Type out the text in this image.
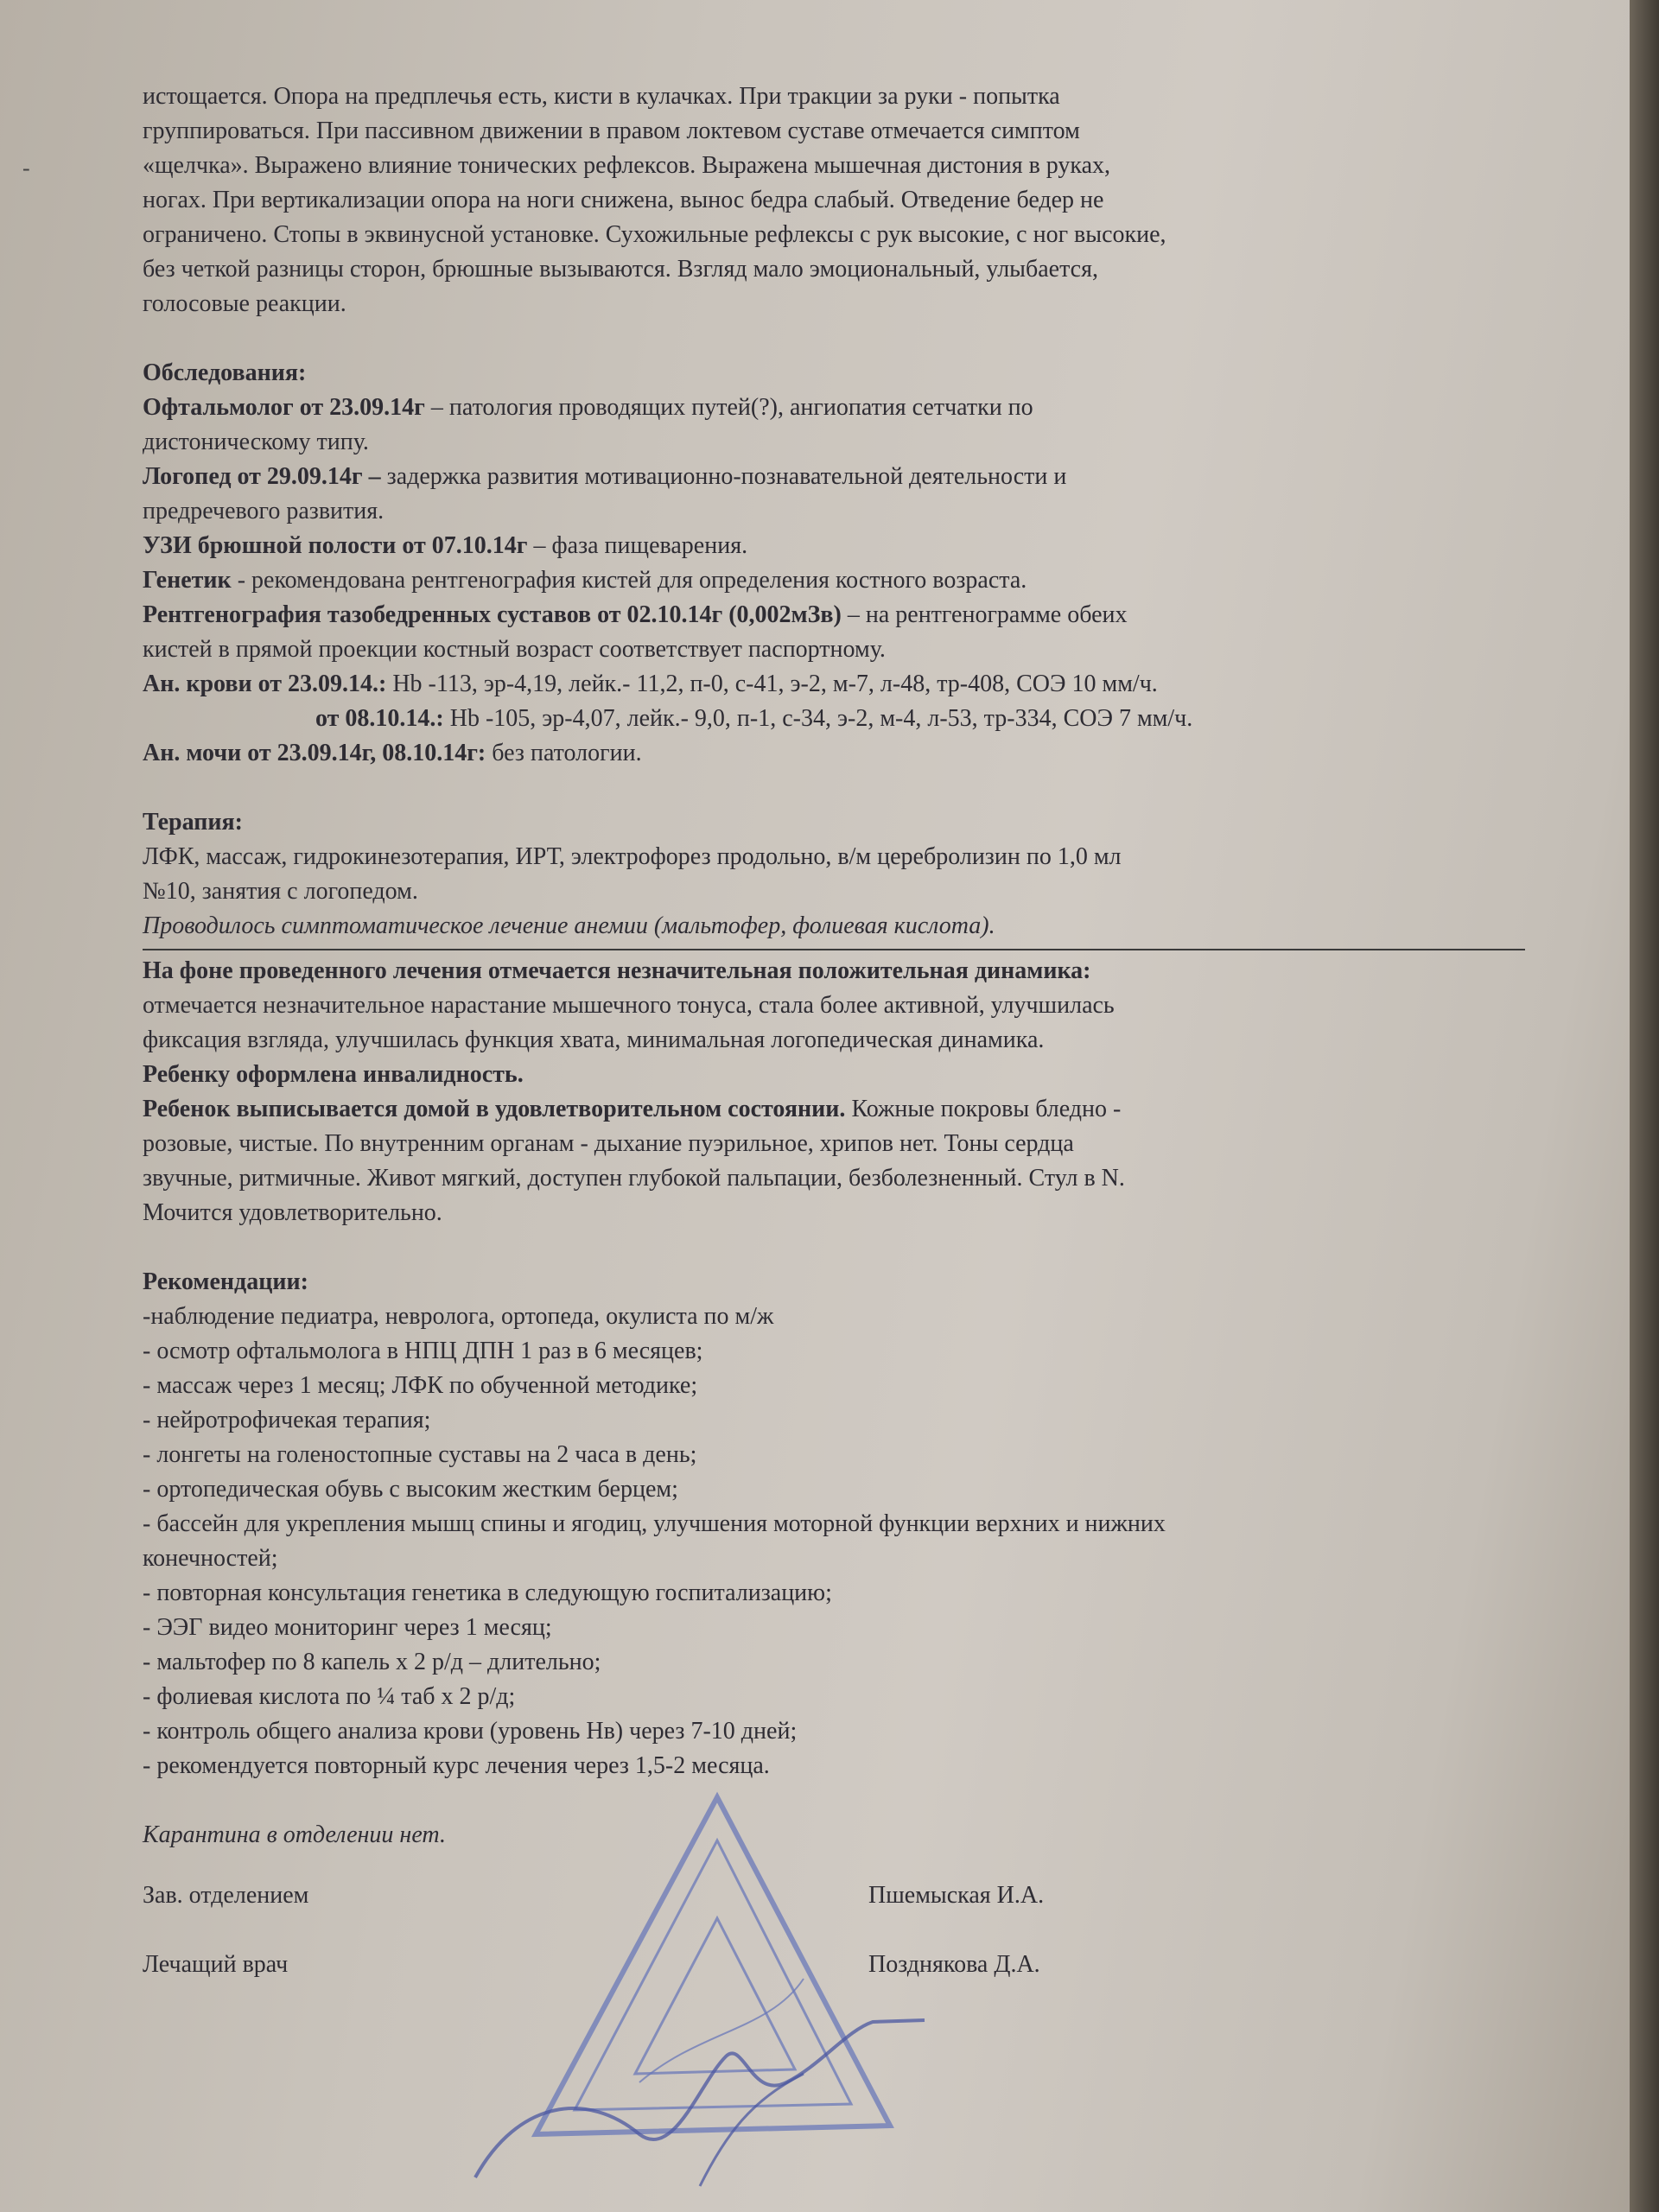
-

истощается. Опора на предплечья есть, кисти в кулачках. При тракции за руки - попытка

группироваться. При пассивном движении в правом локтевом суставе отмечается симптом

«щелчка». Выражено влияние тонических рефлексов. Выражена мышечная дистония в руках,

ногах. При вертикализации опора на ноги снижена, вынос бедра слабый. Отведение бедер не

ограничено. Стопы в эквинусной установке. Сухожильные рефлексы с рук высокие, с ног высокие,

без четкой разницы сторон, брюшные вызываются. Взгляд мало эмоциональный, улыбается,

голосовые реакции.

Обследования:

Офтальмолог от 23.09.14г – патология проводящих путей(?), ангиопатия сетчатки по

дистоническому типу.

Логопед от 29.09.14г – задержка развития мотивационно-познавательной деятельности и

предречевого развития.

УЗИ брюшной полости от 07.10.14г – фаза пищеварения.

Генетик - рекомендована рентгенография кистей для определения костного возраста.

Рентгенография тазобедренных суставов от 02.10.14г (0,002мЗв) – на рентгенограмме обеих

кистей в прямой проекции костный возраст соответствует паспортному.

Ан. крови от 23.09.14.: Hb -113, эр-4,19, лейк.- 11,2, п-0, с-41, э-2, м-7, л-48, тр-408, СОЭ 10 мм/ч.

от 08.10.14.: Hb -105, эр-4,07, лейк.- 9,0, п-1, с-34, э-2, м-4, л-53, тр-334, СОЭ 7 мм/ч.

Ан. мочи от 23.09.14г, 08.10.14г: без патологии.

Терапия:

ЛФК, массаж, гидрокинезотерапия, ИРТ, электрофорез продольно, в/м церебролизин по 1,0 мл

№10, занятия с логопедом.

Проводилось симптоматическое лечение анемии (мальтофер, фолиевая кислота).

На фоне проведенного лечения отмечается незначительная положительная динамика:

отмечается незначительное нарастание мышечного тонуса, стала более активной, улучшилась

фиксация взгляда, улучшилась функция хвата, минимальная логопедическая динамика.

Ребенку оформлена инвалидность.

Ребенок выписывается домой в удовлетворительном состоянии. Кожные покровы бледно -

розовые, чистые. По внутренним органам - дыхание пуэрильное, хрипов нет. Тоны сердца

звучные, ритмичные. Живот мягкий, доступен глубокой пальпации, безболезненный. Стул в N.

Мочится удовлетворительно.

Рекомендации:

-наблюдение педиатра, невролога, ортопеда, окулиста по м/ж

- осмотр офтальмолога в НПЦ ДПН 1 раз в 6 месяцев;

- массаж через 1 месяц; ЛФК по обученной методике;

- нейротрофичекая терапия;

- лонгеты на голеностопные суставы на 2 часа в день;

- ортопедическая обувь с высоким жестким берцем;

- бассейн для укрепления мышц спины и ягодиц, улучшения моторной функции верхних и нижних

конечностей;

- повторная консультация генетика в следующую госпитализацию;

- ЭЭГ видео мониторинг через 1 месяц;

- мальтофер по 8 капель х 2 р/д – длительно;

- фолиевая кислота по ¼ таб х 2 р/д;

- контроль общего анализа крови (уровень Нв) через 7-10 дней;

- рекомендуется повторный курс лечения через 1,5-2 месяца.

Карантина в отделении нет.

Зав. отделением	Пшемыская И.А.
Лечащий врач	Позднякова Д.А.
